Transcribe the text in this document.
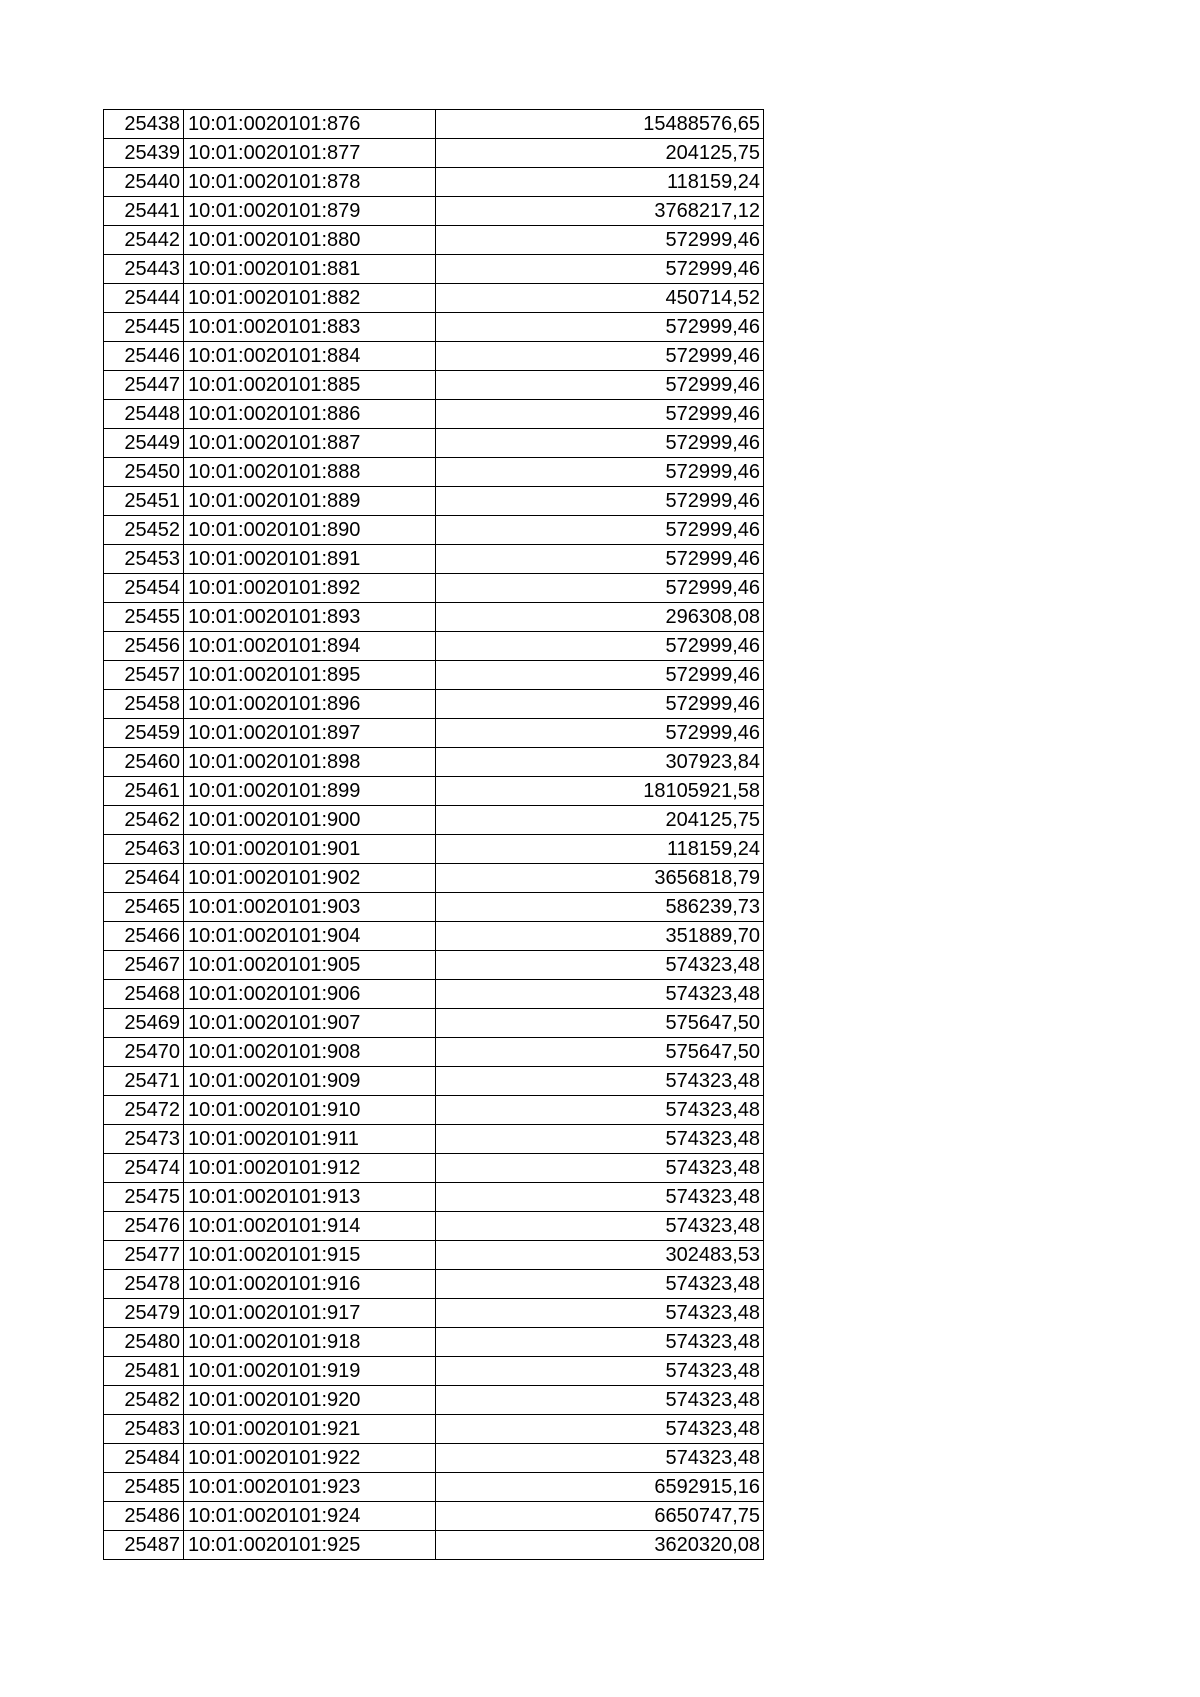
25438	10:01:0020101:876	15488576,65
25439	10:01:0020101:877	204125,75
25440	10:01:0020101:878	118159,24
25441	10:01:0020101:879	3768217,12
25442	10:01:0020101:880	572999,46
25443	10:01:0020101:881	572999,46
25444	10:01:0020101:882	450714,52
25445	10:01:0020101:883	572999,46
25446	10:01:0020101:884	572999,46
25447	10:01:0020101:885	572999,46
25448	10:01:0020101:886	572999,46
25449	10:01:0020101:887	572999,46
25450	10:01:0020101:888	572999,46
25451	10:01:0020101:889	572999,46
25452	10:01:0020101:890	572999,46
25453	10:01:0020101:891	572999,46
25454	10:01:0020101:892	572999,46
25455	10:01:0020101:893	296308,08
25456	10:01:0020101:894	572999,46
25457	10:01:0020101:895	572999,46
25458	10:01:0020101:896	572999,46
25459	10:01:0020101:897	572999,46
25460	10:01:0020101:898	307923,84
25461	10:01:0020101:899	18105921,58
25462	10:01:0020101:900	204125,75
25463	10:01:0020101:901	118159,24
25464	10:01:0020101:902	3656818,79
25465	10:01:0020101:903	586239,73
25466	10:01:0020101:904	351889,70
25467	10:01:0020101:905	574323,48
25468	10:01:0020101:906	574323,48
25469	10:01:0020101:907	575647,50
25470	10:01:0020101:908	575647,50
25471	10:01:0020101:909	574323,48
25472	10:01:0020101:910	574323,48
25473	10:01:0020101:911	574323,48
25474	10:01:0020101:912	574323,48
25475	10:01:0020101:913	574323,48
25476	10:01:0020101:914	574323,48
25477	10:01:0020101:915	302483,53
25478	10:01:0020101:916	574323,48
25479	10:01:0020101:917	574323,48
25480	10:01:0020101:918	574323,48
25481	10:01:0020101:919	574323,48
25482	10:01:0020101:920	574323,48
25483	10:01:0020101:921	574323,48
25484	10:01:0020101:922	574323,48
25485	10:01:0020101:923	6592915,16
25486	10:01:0020101:924	6650747,75
25487	10:01:0020101:925	3620320,08
